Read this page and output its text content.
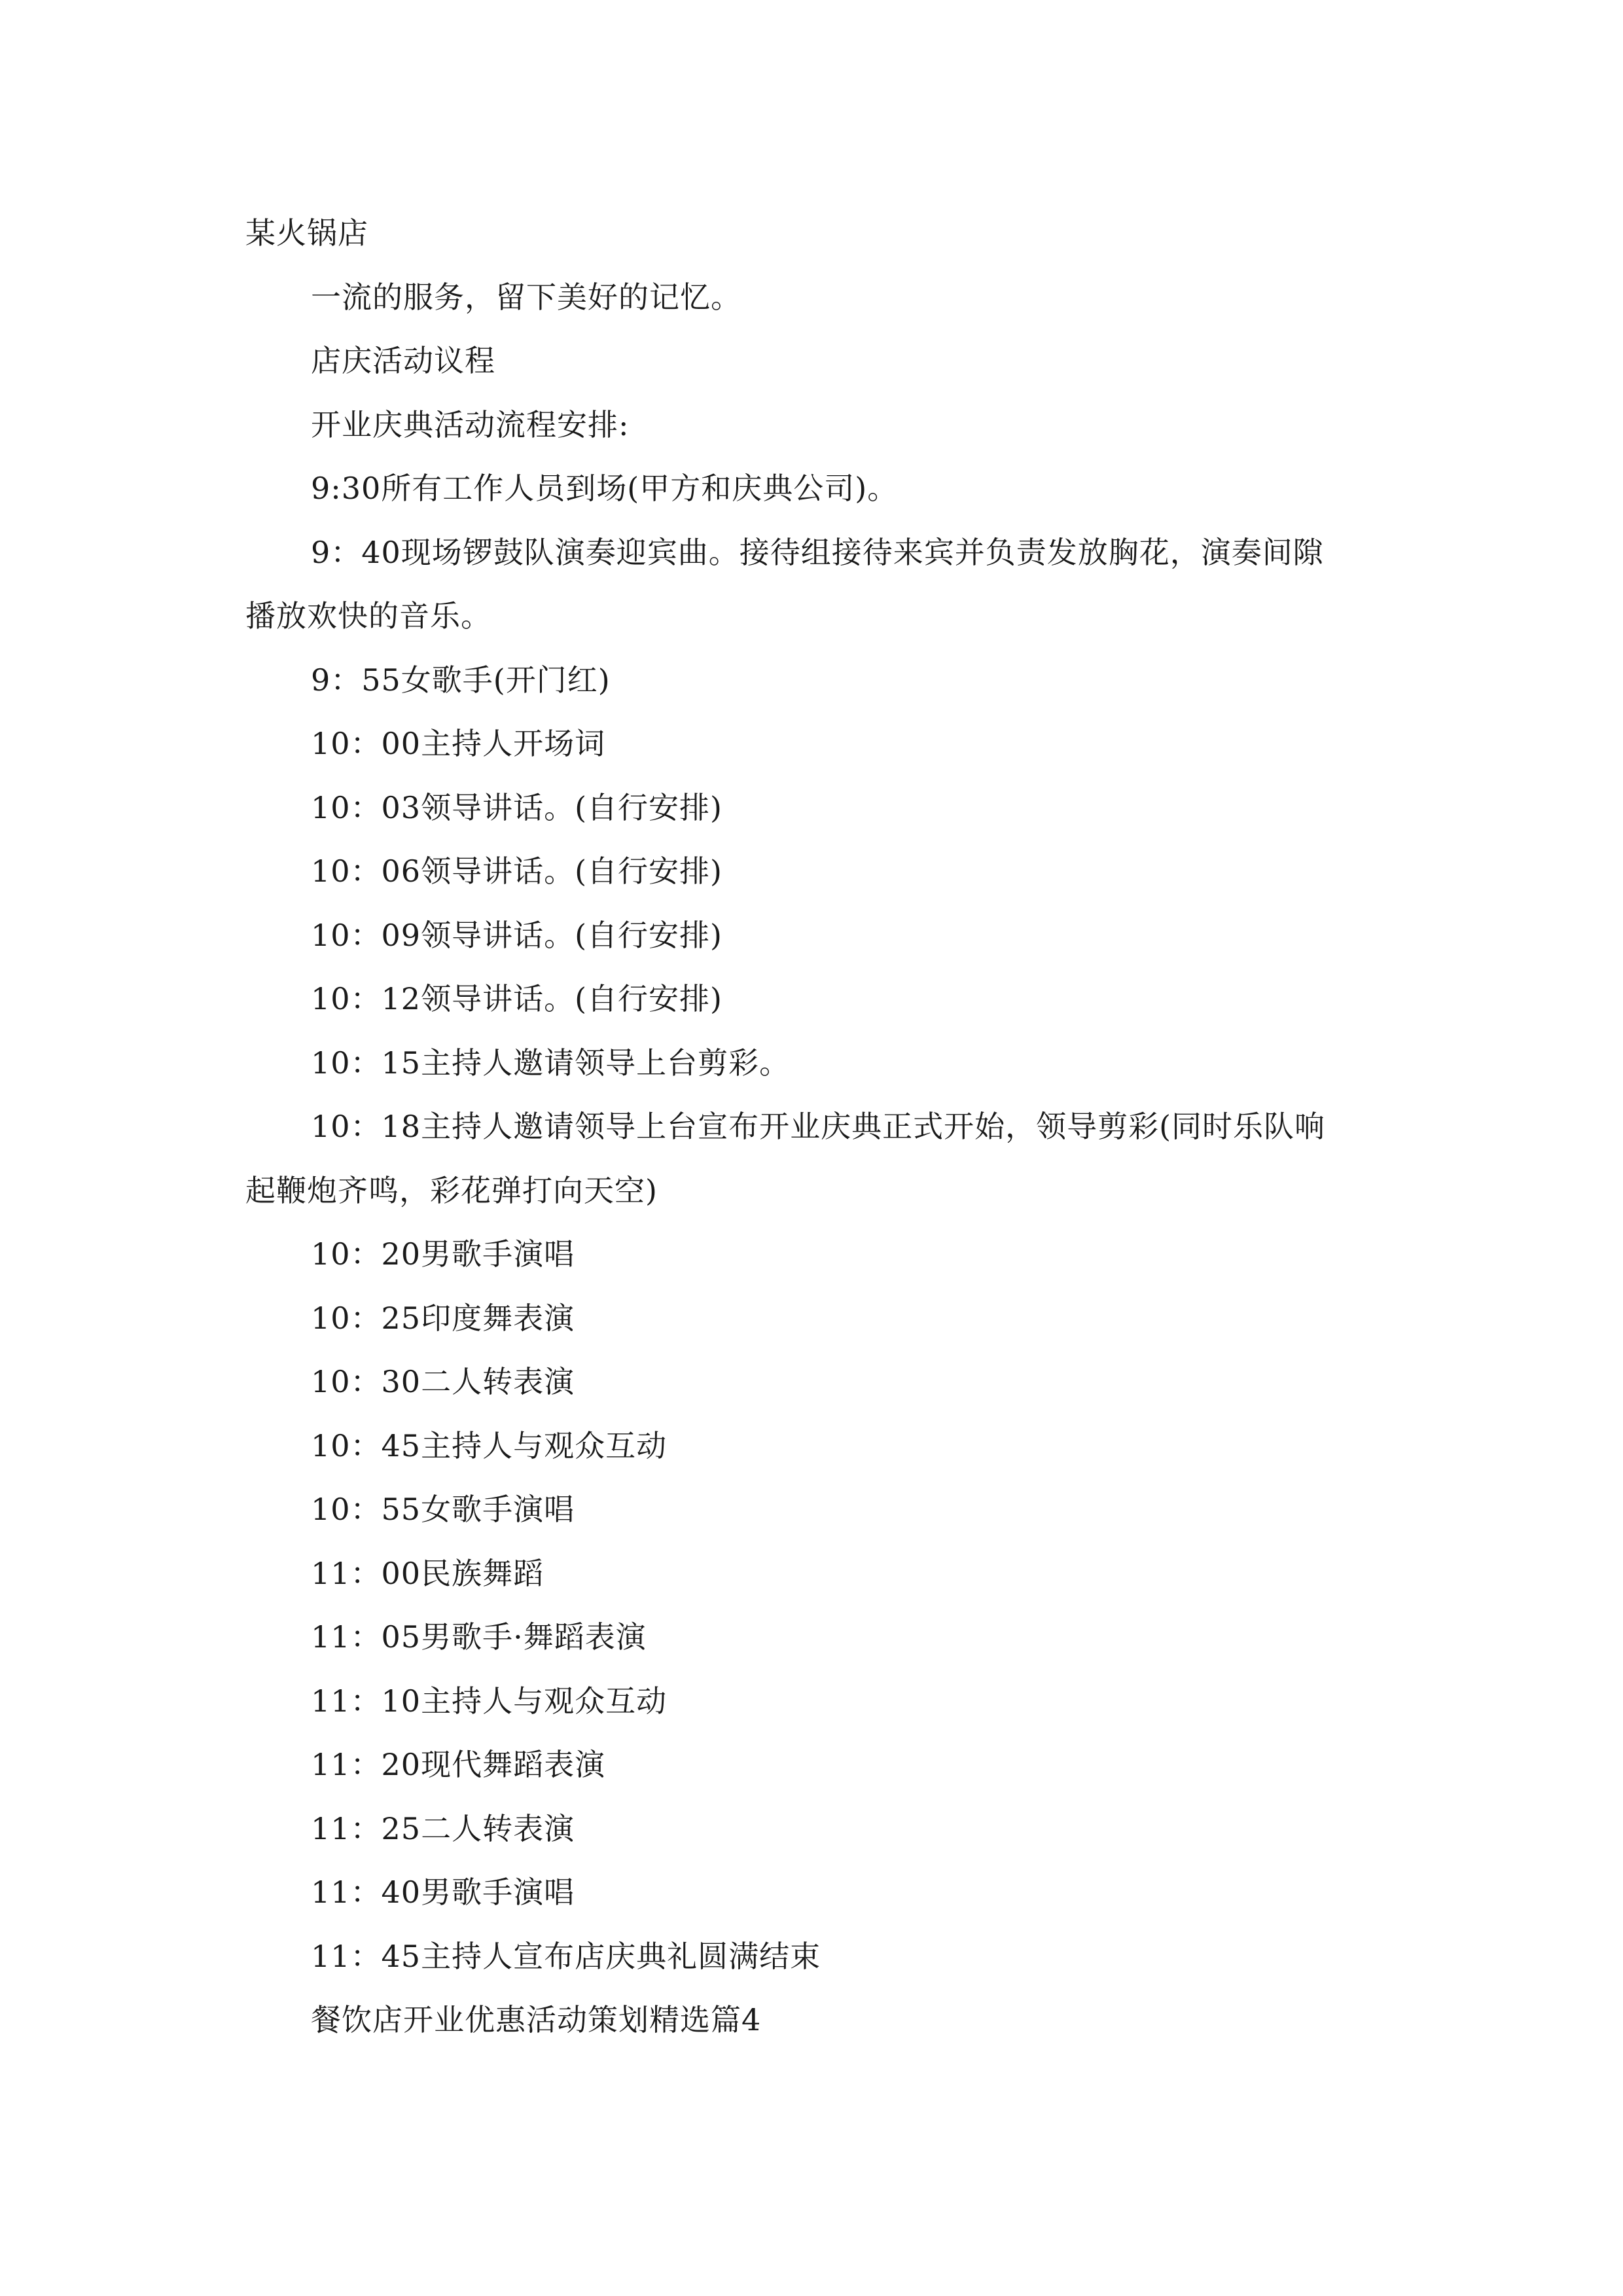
某火锅店
一流的服务，留下美好的记忆。
店庆活动议程
开业庆典活动流程安排:
9:30所有工作人员到场(甲方和庆典公司)。
9：40现场锣鼓队演奏迎宾曲。接待组接待来宾并负责发放胸花，演奏间隙
播放欢快的音乐。
9：55女歌手(开门红)
10：00主持人开场词
10：03领导讲话。(自行安排)
10：06领导讲话。(自行安排)
10：09领导讲话。(自行安排)
10：12领导讲话。(自行安排)
10：15主持人邀请领导上台剪彩。
10：18主持人邀请领导上台宣布开业庆典正式开始，领导剪彩(同时乐队响
起鞭炮齐鸣，彩花弹打向天空)
10：20男歌手演唱
10：25印度舞表演
10：30二人转表演
10：45主持人与观众互动
10：55女歌手演唱
11：00民族舞蹈
11：05男歌手·舞蹈表演
11：10主持人与观众互动
11：20现代舞蹈表演
11：25二人转表演
11：40男歌手演唱
11：45主持人宣布店庆典礼圆满结束
餐饮店开业优惠活动策划精选篇4
